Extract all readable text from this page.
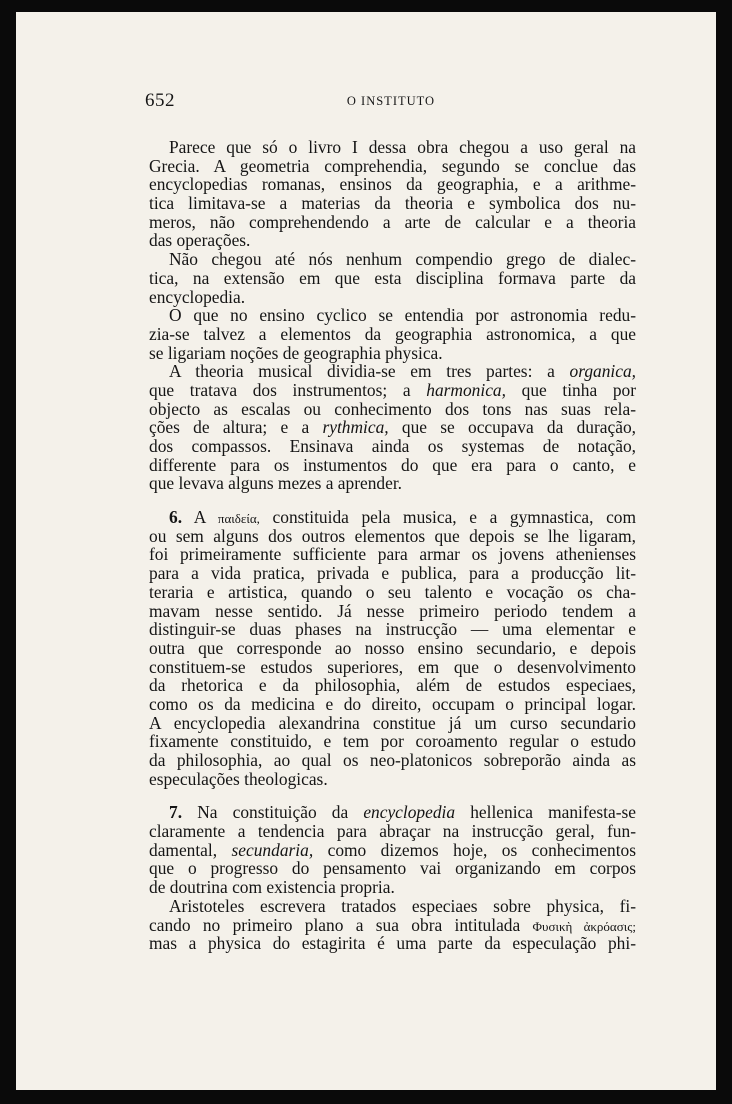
652	O INSTITUTO
Parece que só o livro I dessa obra chegou a uso geral na
Grecia. A geometria comprehendia, segundo se conclue das
encyclopedias romanas, ensinos da geographia, e a arithme-
tica limitava-se a materias da theoria e symbolica dos nu-
meros, não comprehendendo a arte de calcular e a theoria
das operações.
Não chegou até nós nenhum compendio grego de dialec-
tica, na extensão em que esta disciplina formava parte da
encyclopedia.
O que no ensino cyclico se entendia por astronomia redu-
zia-se talvez a elementos da geographia astronomica, a que
se ligariam noções de geographia physica.
A theoria musical dividia-se em tres partes: a organica,
que tratava dos instrumentos; a harmonica, que tinha por
objecto as escalas ou conhecimento dos tons nas suas rela-
ções de altura; e a rythmica, que se occupava da duração,
dos compassos. Ensinava ainda os systemas de notação,
differente para os instumentos do que era para o canto, e
que levava alguns mezes a aprender.
6. A παιδεία, constituida pela musica, e a gymnastica, com
ou sem alguns dos outros elementos que depois se lhe ligaram,
foi primeiramente sufficiente para armar os jovens athenienses
para a vida pratica, privada e publica, para a producção lit-
teraria e artistica, quando o seu talento e vocação os cha-
mavam nesse sentido. Já nesse primeiro periodo tendem a
distinguir-se duas phases na instrucção — uma elementar e
outra que corresponde ao nosso ensino secundario, e depois
constituem-se estudos superiores, em que o desenvolvimento
da rhetorica e da philosophia, além de estudos especiaes,
como os da medicina e do direito, occupam o principal logar.
A encyclopedia alexandrina constitue já um curso secundario
fixamente constituido, e tem por coroamento regular o estudo
da philosophia, ao qual os neo-platonicos sobreporão ainda as
especulações theologicas.
7. Na constituição da encyclopedia hellenica manifesta-se
claramente a tendencia para abraçar na instrucção geral, fun-
damental, secundaria, como dizemos hoje, os conhecimentos
que o progresso do pensamento vai organizando em corpos
de doutrina com existencia propria.
Aristoteles escrevera tratados especiaes sobre physica, fi-
cando no primeiro plano a sua obra intitulada Φυσικὴ ἀκρόασις;
mas a physica do estagirita é uma parte da especulação phi-
